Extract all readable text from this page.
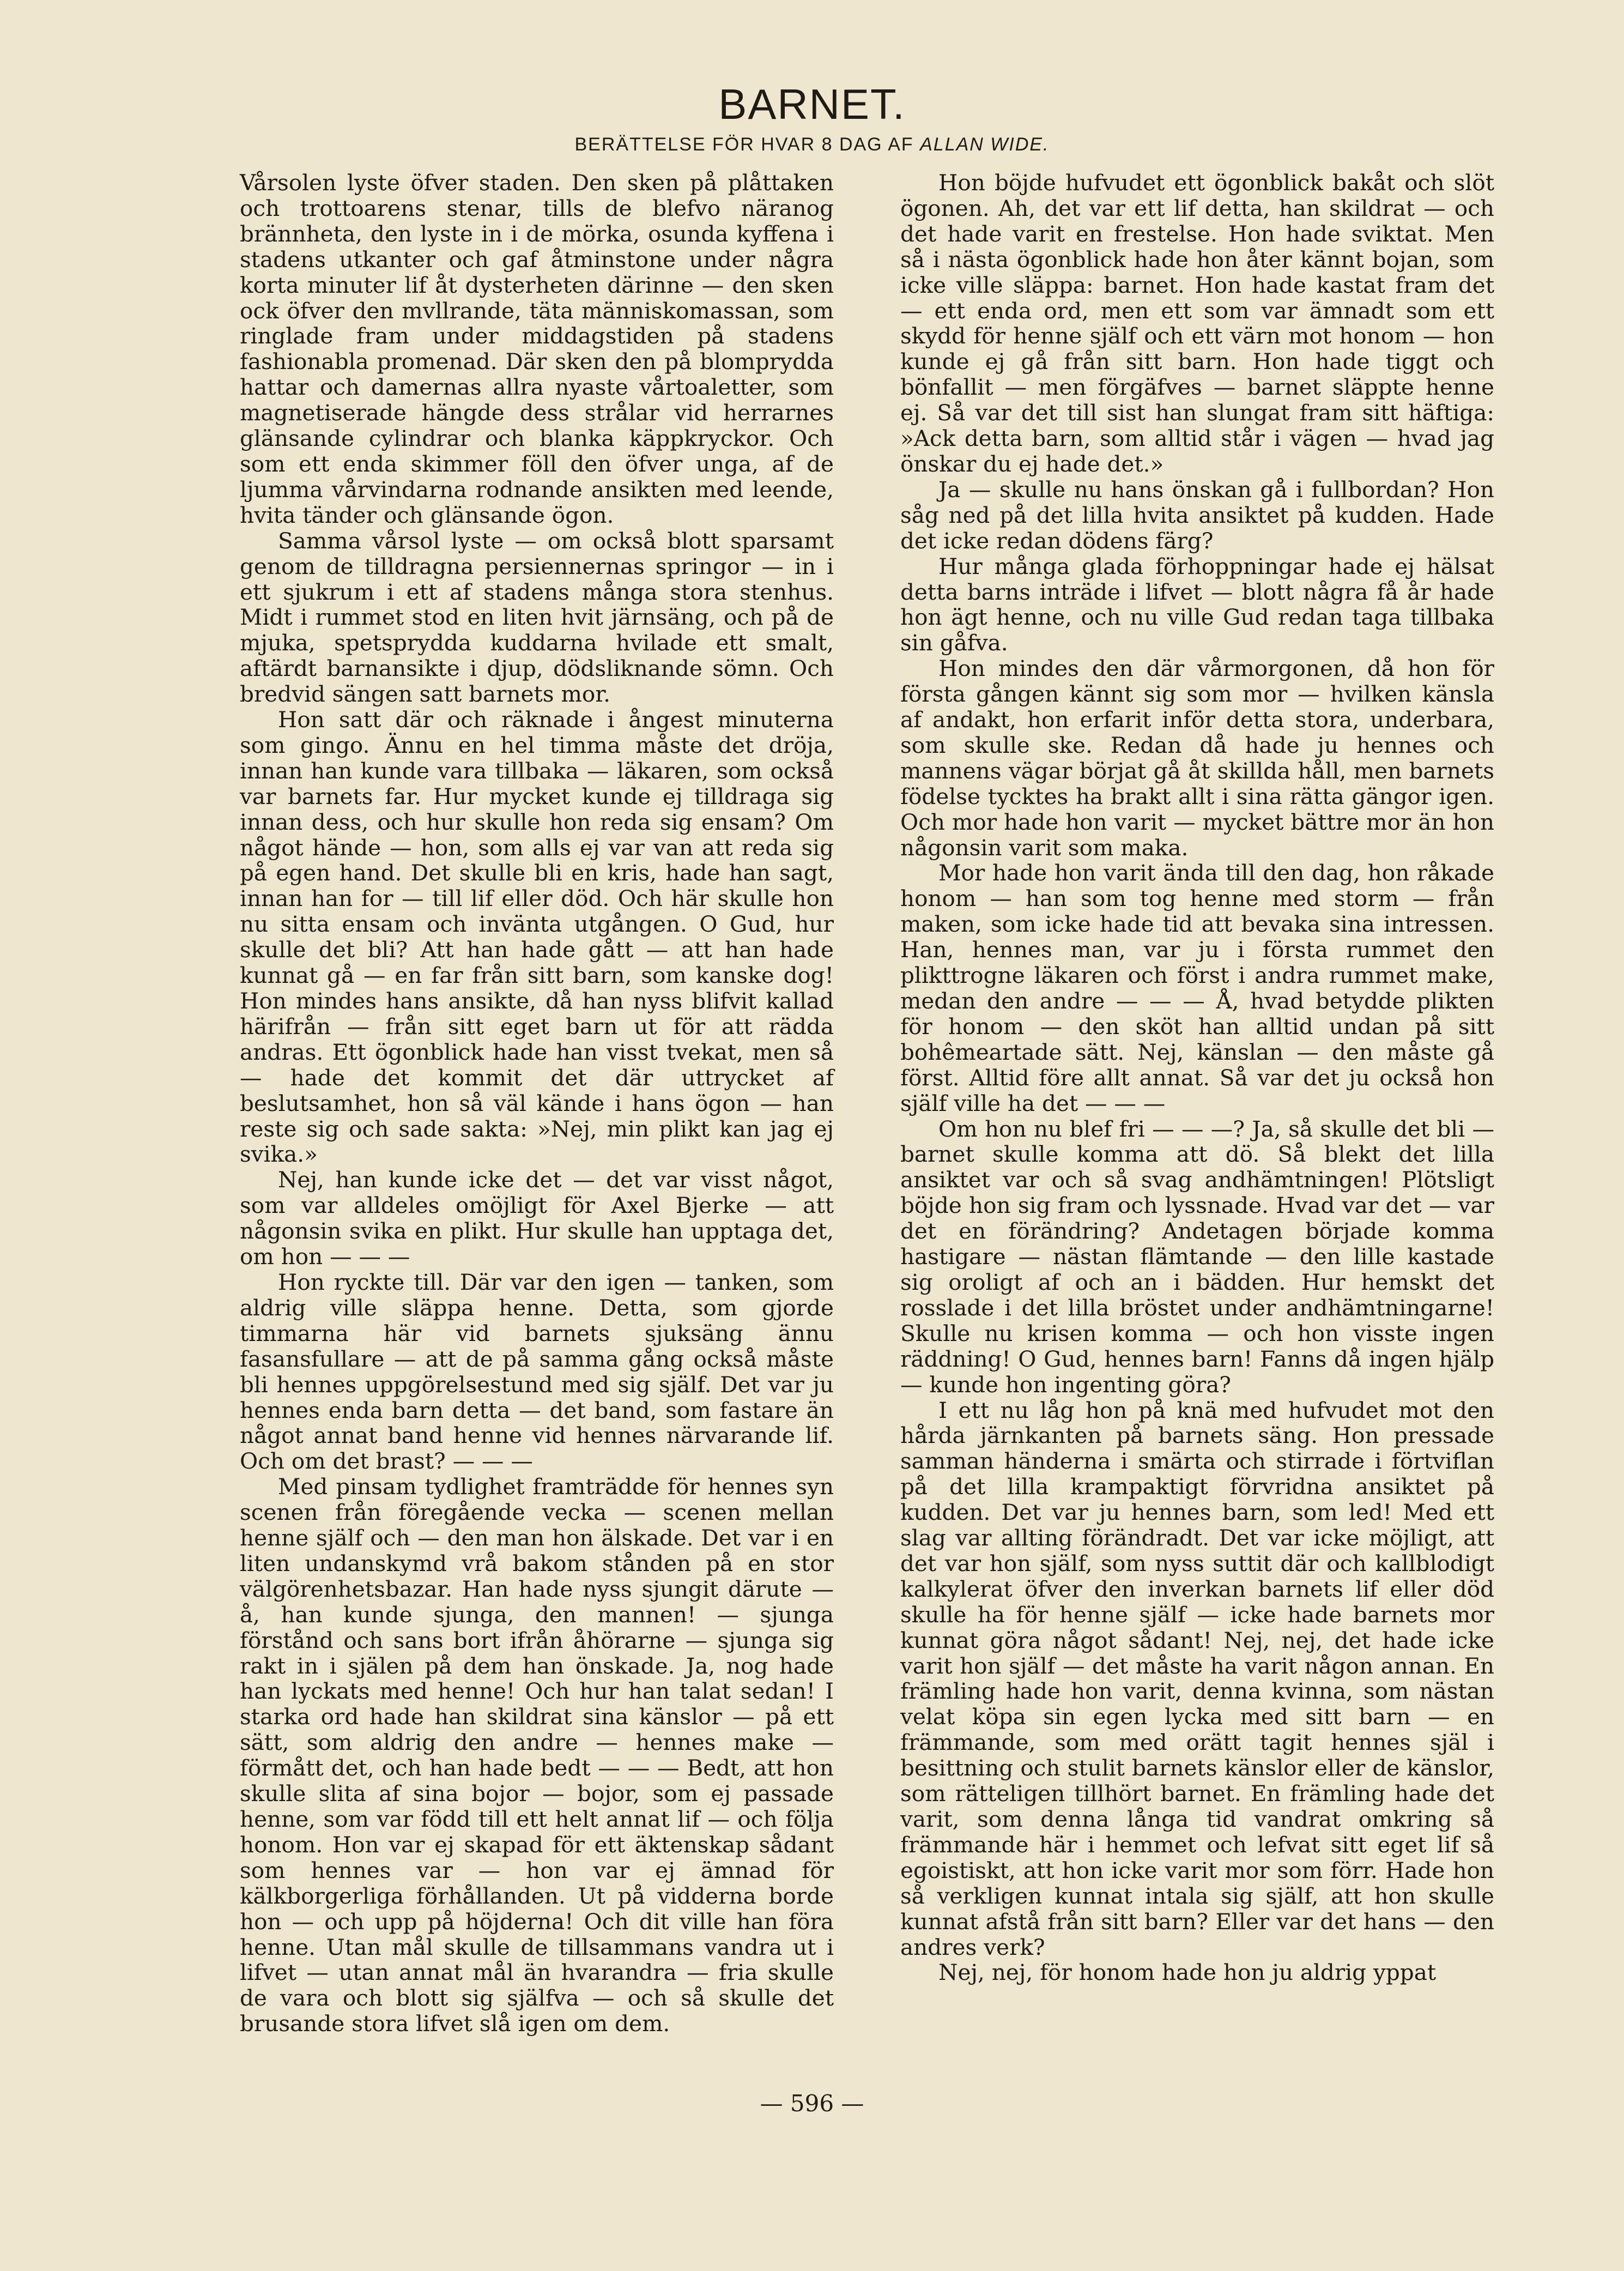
BARNET.
BERÄTTELSE FÖR HVAR 8 DAG AF ALLAN WIDE.

Vårsolen lyste öfver staden. Den sken på plåttaken och trottoarens stenar, tills de blefvo näranog brännheta, den lyste in i de mörka, osunda kyffena i stadens utkanter och gaf åtminstone under några korta minuter lif åt dysterheten därinne — den sken ock öfver den mvllrande, täta människomassan, som ringlade fram under middagstiden på stadens fashionabla promenad. Där sken den på blomprydda hattar och damernas allra nyaste vårtoaletter, som magnetiserade hängde dess strålar vid herrarnes glänsande cylindrar och blanka käppkryckor. Och som ett enda skimmer föll den öfver unga, af de ljumma vårvindarna rodnande ansikten med leende, hvita tänder och glänsande ögon.

Samma vårsol lyste — om också blott sparsamt genom de tilldragna persiennernas springor — in i ett sjukrum i ett af stadens många stora stenhus. Midt i rummet stod en liten hvit järnsäng, och på de mjuka, spetsprydda kuddarna hvilade ett smalt, aftärdt barnansikte i djup, dödsliknande sömn. Och bredvid sängen satt barnets mor.

Hon satt där och räknade i ångest minuterna som gingo. Ännu en hel timma måste det dröja, innan han kunde vara tillbaka — läkaren, som också var barnets far. Hur mycket kunde ej tilldraga sig innan dess, och hur skulle hon reda sig ensam? Om något hände — hon, som alls ej var van att reda sig på egen hand. Det skulle bli en kris, hade han sagt, innan han for — till lif eller död. Och här skulle hon nu sitta ensam och invänta utgången. O Gud, hur skulle det bli? Att han hade gått — att han hade kunnat gå — en far från sitt barn, som kanske dog! Hon mindes hans ansikte, då han nyss blifvit kallad härifrån — från sitt eget barn ut för att rädda andras. Ett ögonblick hade han visst tvekat, men så — hade det kommit det där uttrycket af beslutsamhet, hon så väl kände i hans ögon — han reste sig och sade sakta: »Nej, min plikt kan jag ej svika.»

Nej, han kunde icke det — det var visst något, som var alldeles omöjligt för Axel Bjerke — att någonsin svika en plikt. Hur skulle han upptaga det, om hon — — —

Hon ryckte till. Där var den igen — tanken, som aldrig ville släppa henne. Detta, som gjorde timmarna här vid barnets sjuksäng ännu fasansfullare — att de på samma gång också måste bli hennes uppgörelsestund med sig själf. Det var ju hennes enda barn detta — det band, som fastare än något annat band henne vid hennes närvarande lif. Och om det brast? — — —

Med pinsam tydlighet framträdde för hennes syn scenen från föregående vecka — scenen mellan henne själf och — den man hon älskade. Det var i en liten undanskymd vrå bakom stånden på en stor välgörenhetsbazar. Han hade nyss sjungit därute — å, han kunde sjunga, den mannen! — sjunga förstånd och sans bort ifrån åhörarne — sjunga sig rakt in i själen på dem han önskade. Ja, nog hade han lyckats med henne! Och hur han talat sedan! I starka ord hade han skildrat sina känslor — på ett sätt, som aldrig den andre — hennes make — förmått det, och han hade bedt — — — Bedt, att hon skulle slita af sina bojor — bojor, som ej passade henne, som var född till ett helt annat lif — och följa honom. Hon var ej skapad för ett äktenskap sådant som hennes var — hon var ej ämnad för kälkborgerliga förhållanden. Ut på vidderna borde hon — och upp på höjderna! Och dit ville han föra henne. Utan mål skulle de tillsammans vandra ut i lifvet — utan annat mål än hvarandra — fria skulle de vara och blott sig själfva — och så skulle det brusande stora lifvet slå igen om dem.

Hon böjde hufvudet ett ögonblick bakåt och slöt ögonen. Ah, det var ett lif detta, han skildrat — och det hade varit en frestelse. Hon hade sviktat. Men så i nästa ögonblick hade hon åter kännt bojan, som icke ville släppa: barnet. Hon hade kastat fram det — ett enda ord, men ett som var ämnadt som ett skydd för henne själf och ett värn mot honom — hon kunde ej gå från sitt barn. Hon hade tiggt och bönfallit — men förgäfves — barnet släppte henne ej. Så var det till sist han slungat fram sitt häftiga: »Ack detta barn, som alltid står i vägen — hvad jag önskar du ej hade det.»

Ja — skulle nu hans önskan gå i fullbordan? Hon såg ned på det lilla hvita ansiktet på kudden. Hade det icke redan dödens färg?

Hur många glada förhoppningar hade ej hälsat detta barns inträde i lifvet — blott några få år hade hon ägt henne, och nu ville Gud redan taga tillbaka sin gåfva.

Hon mindes den där vårmorgonen, då hon för första gången kännt sig som mor — hvilken känsla af andakt, hon erfarit inför detta stora, underbara, som skulle ske. Redan då hade ju hennes och mannens vägar börjat gå åt skillda håll, men barnets födelse tycktes ha brakt allt i sina rätta gängor igen. Och mor hade hon varit — mycket bättre mor än hon någonsin varit som maka.

Mor hade hon varit ända till den dag, hon råkade honom — han som tog henne med storm — från maken, som icke hade tid att bevaka sina intressen. Han, hennes man, var ju i första rummet den plikttrogne läkaren och först i andra rummet make, medan den andre — — — Å, hvad betydde plikten för honom — den sköt han alltid undan på sitt bohêmeartade sätt. Nej, känslan — den måste gå först. Alltid före allt annat. Så var det ju också hon själf ville ha det — — —

Om hon nu blef fri — — —? Ja, så skulle det bli — barnet skulle komma att dö. Så blekt det lilla ansiktet var och så svag andhämtningen! Plötsligt böjde hon sig fram och lyssnade. Hvad var det — var det en förändring? Andetagen började komma hastigare — nästan flämtande — den lille kastade sig oroligt af och an i bädden. Hur hemskt det rosslade i det lilla bröstet under andhämtningarne! Skulle nu krisen komma — och hon visste ingen räddning! O Gud, hennes barn! Fanns då ingen hjälp — kunde hon ingenting göra?

I ett nu låg hon på knä med hufvudet mot den hårda järnkanten på barnets säng. Hon pressade samman händerna i smärta och stirrade i förtviflan på det lilla krampaktigt förvridna ansiktet på kudden. Det var ju hennes barn, som led! Med ett slag var allting förändradt. Det var icke möjligt, att det var hon själf, som nyss suttit där och kallblodigt kalkylerat öfver den inverkan barnets lif eller död skulle ha för henne själf — icke hade barnets mor kunnat göra något sådant! Nej, nej, det hade icke varit hon själf — det måste ha varit någon annan. En främling hade hon varit, denna kvinna, som nästan velat köpa sin egen lycka med sitt barn — en främmande, som med orätt tagit hennes själ i besittning och stulit barnets känslor eller de känslor, som rätteligen tillhört barnet. En främling hade det varit, som denna långa tid vandrat omkring så främmande här i hemmet och lefvat sitt eget lif så egoistiskt, att hon icke varit mor som förr. Hade hon så verkligen kunnat intala sig själf, att hon skulle kunnat afstå från sitt barn? Eller var det hans — den andres verk?

Nej, nej, för honom hade hon ju aldrig yppat

— 596 —
